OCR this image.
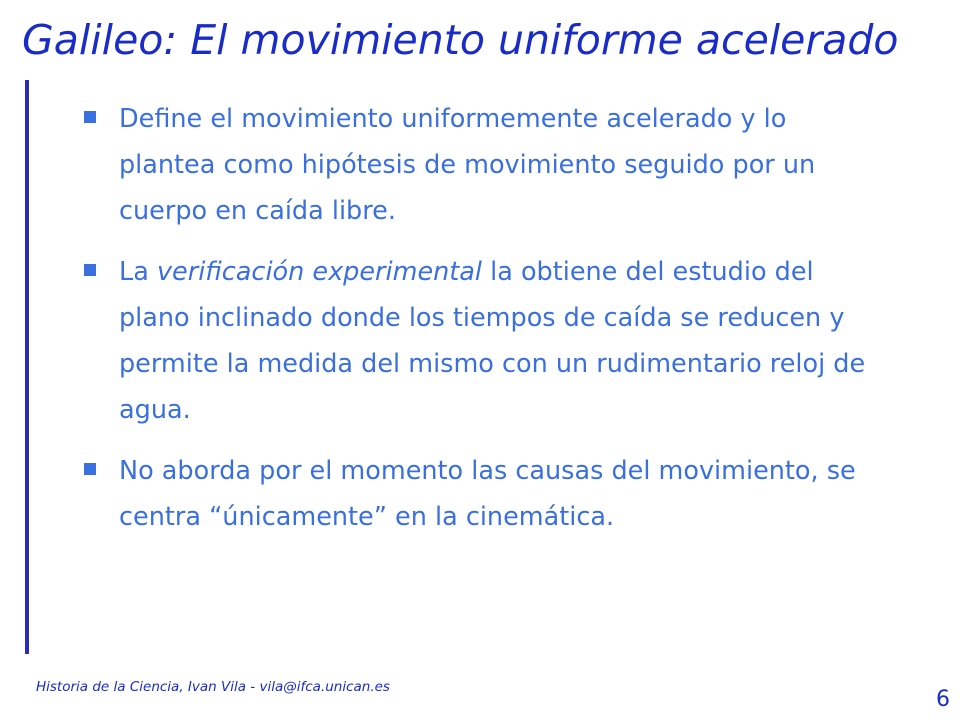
Galileo: El movimiento uniforme acelerado
Define el movimiento uniformemente acelerado y lo plantea como hipótesis de movimiento seguido por un cuerpo en caída libre.
La verificación experimental la obtiene del estudio del plano inclinado donde los tiempos de caída se reducen y permite la medida del mismo con un rudimentario reloj de agua.
No aborda por el momento las causas del movimiento, se centra “únicamente” en la cinemática.
Historia de la Ciencia, Ivan Vila - vila@ifca.unican.es	6
